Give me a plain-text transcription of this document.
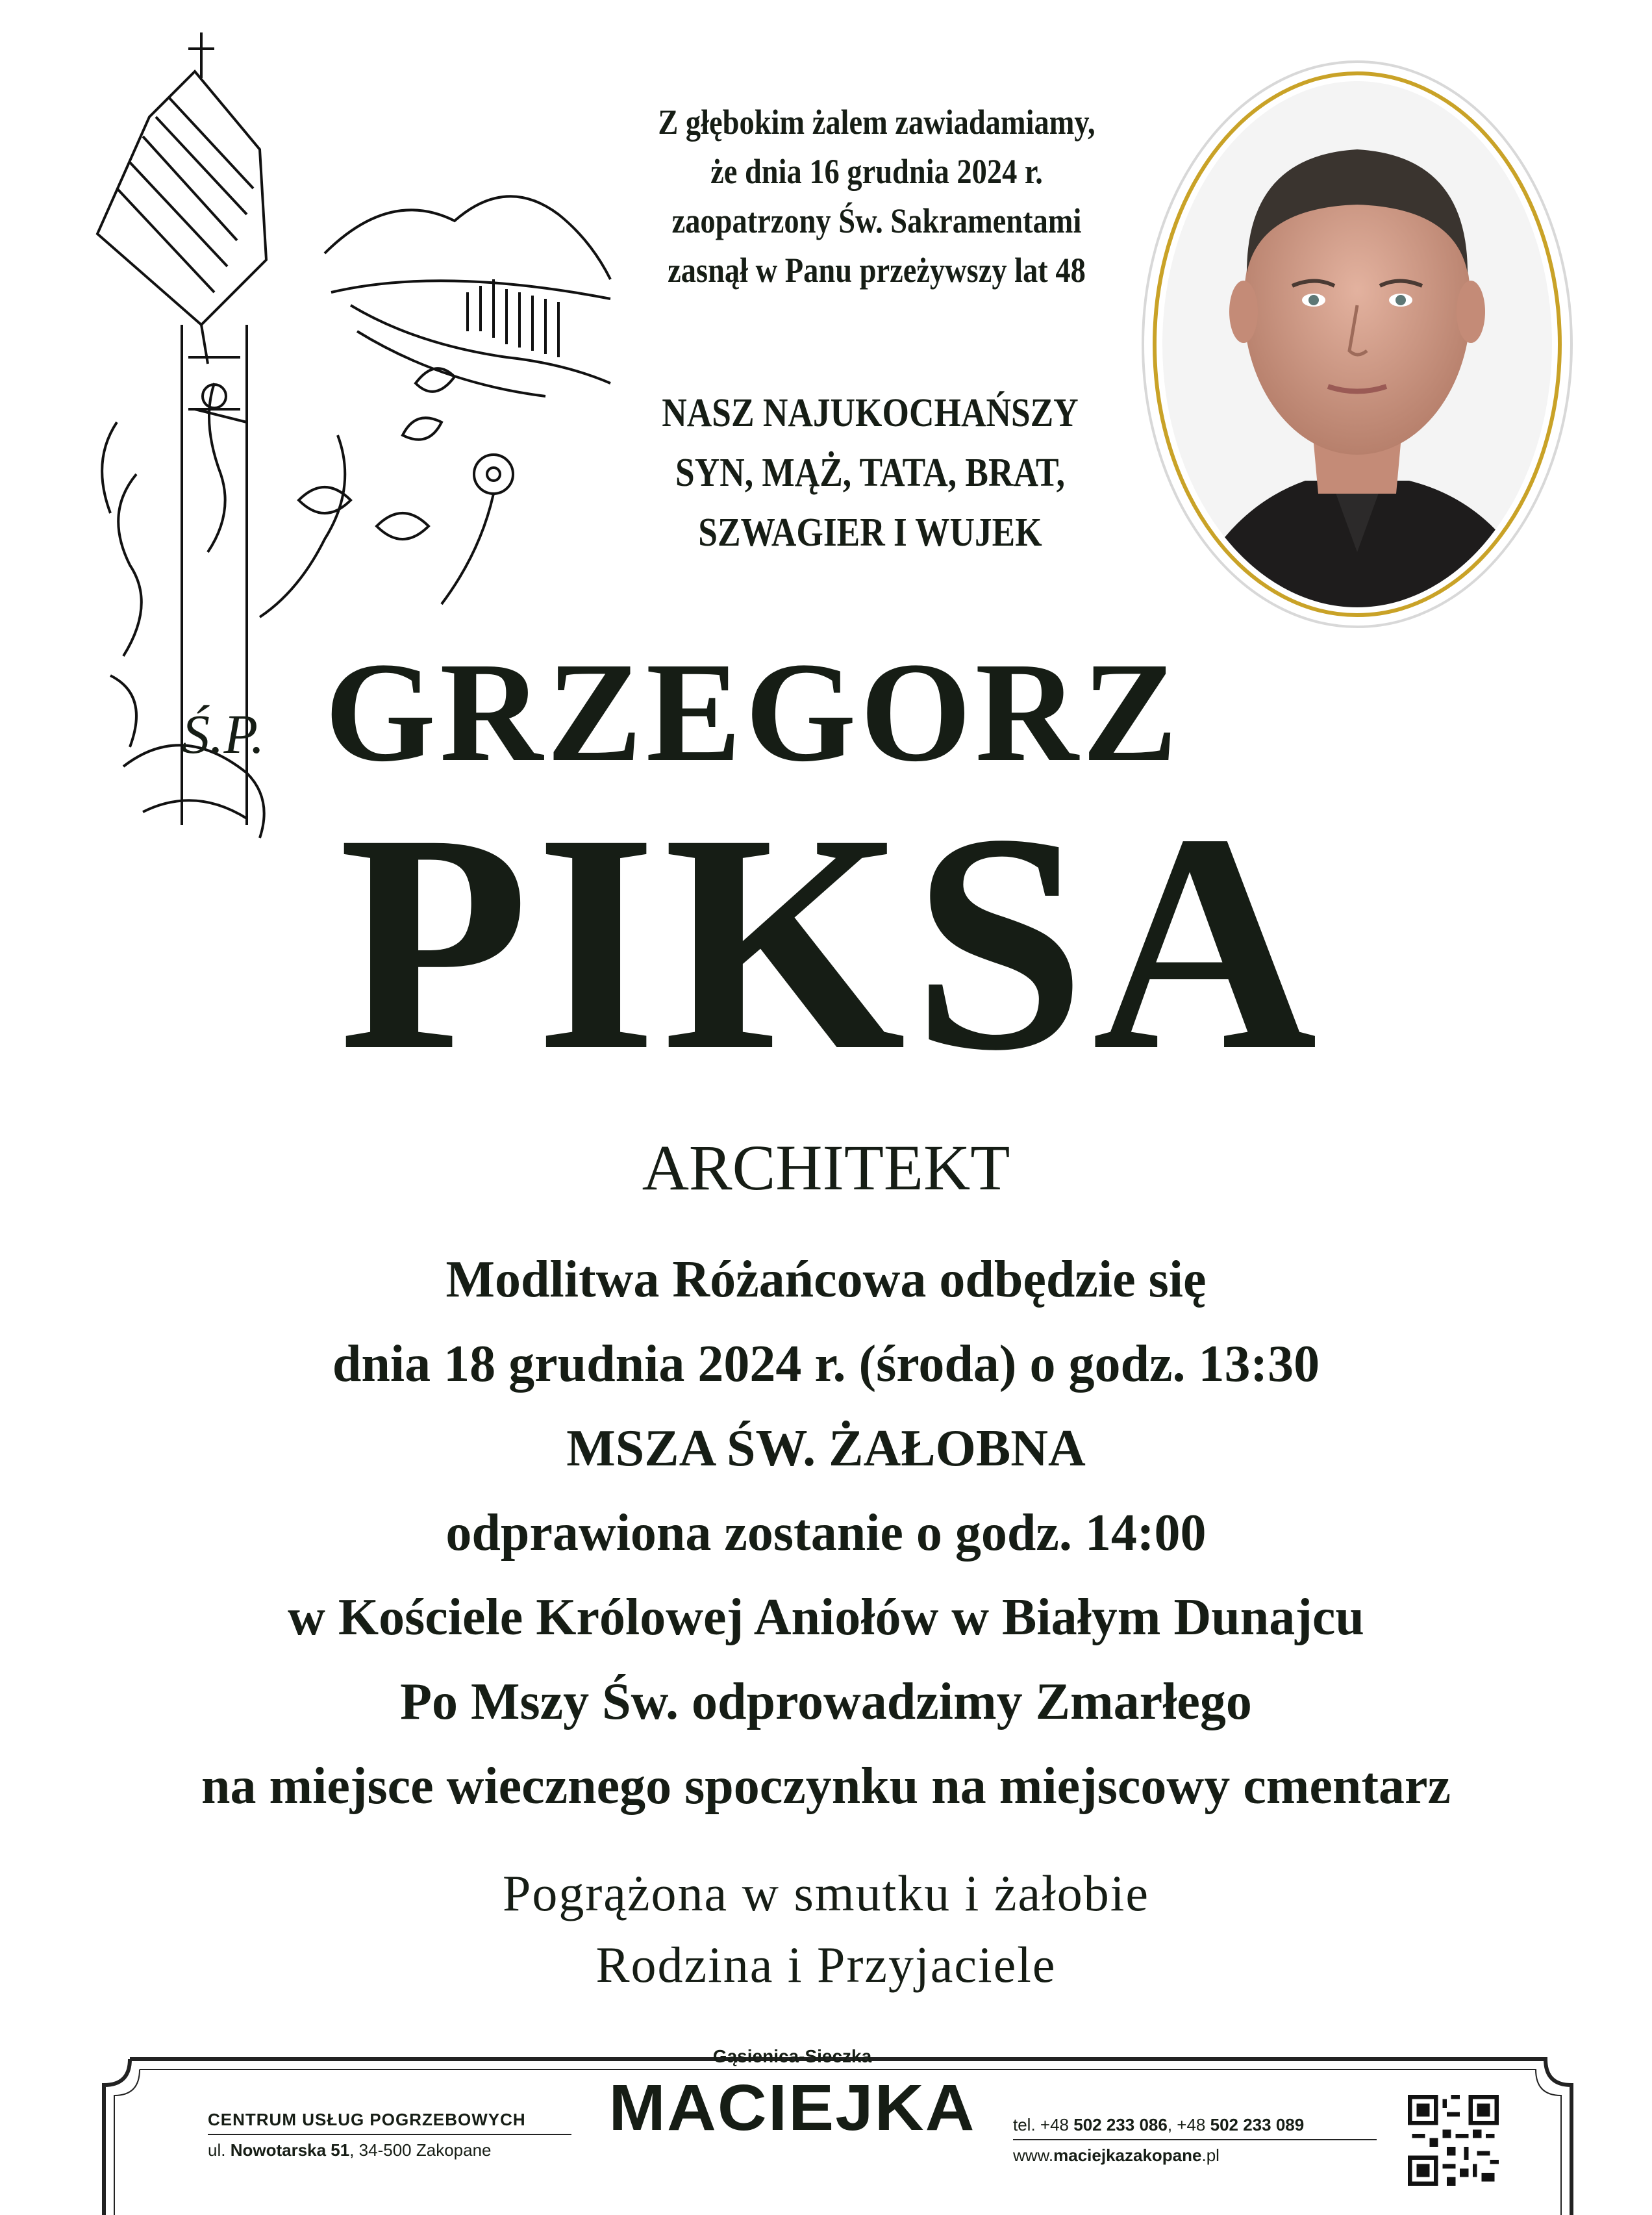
Z głębokim żalem zawiadamiamy,
że dnia 16 grudnia 2024 r.
zaopatrzony Św. Sakramentami
zasnął w Panu przeżywszy lat 48
NASZ NAJUKOCHAŃSZY
SYN, MĄŻ, TATA, BRAT,
SZWAGIER I WUJEK
Ś.P. GRZEGORZ
PIKSA
ARCHITEKT
Modlitwa Różańcowa odbędzie się
dnia 18 grudnia 2024 r. (środa) o godz. 13:30
MSZA ŚW. ŻAŁOBNA
odprawiona zostanie o godz. 14:00
w Kościele Królowej Aniołów w Białym Dunajcu
Po Mszy Św. odprowadzimy Zmarłego
na miejsce wiecznego spoczynku na miejscowy cmentarz
Pogrążona w smutku i żałobie
Rodzina i Przyjaciele
CENTRUM USŁUG POGRZEBOWYCH
ul. Nowotarska 51, 34-500 Zakopane
Gąsienica-Sieczka
MACIEJKA	tel. +48 502 233 086, +48 502 233 089
www.maciejkazakopane.pl
